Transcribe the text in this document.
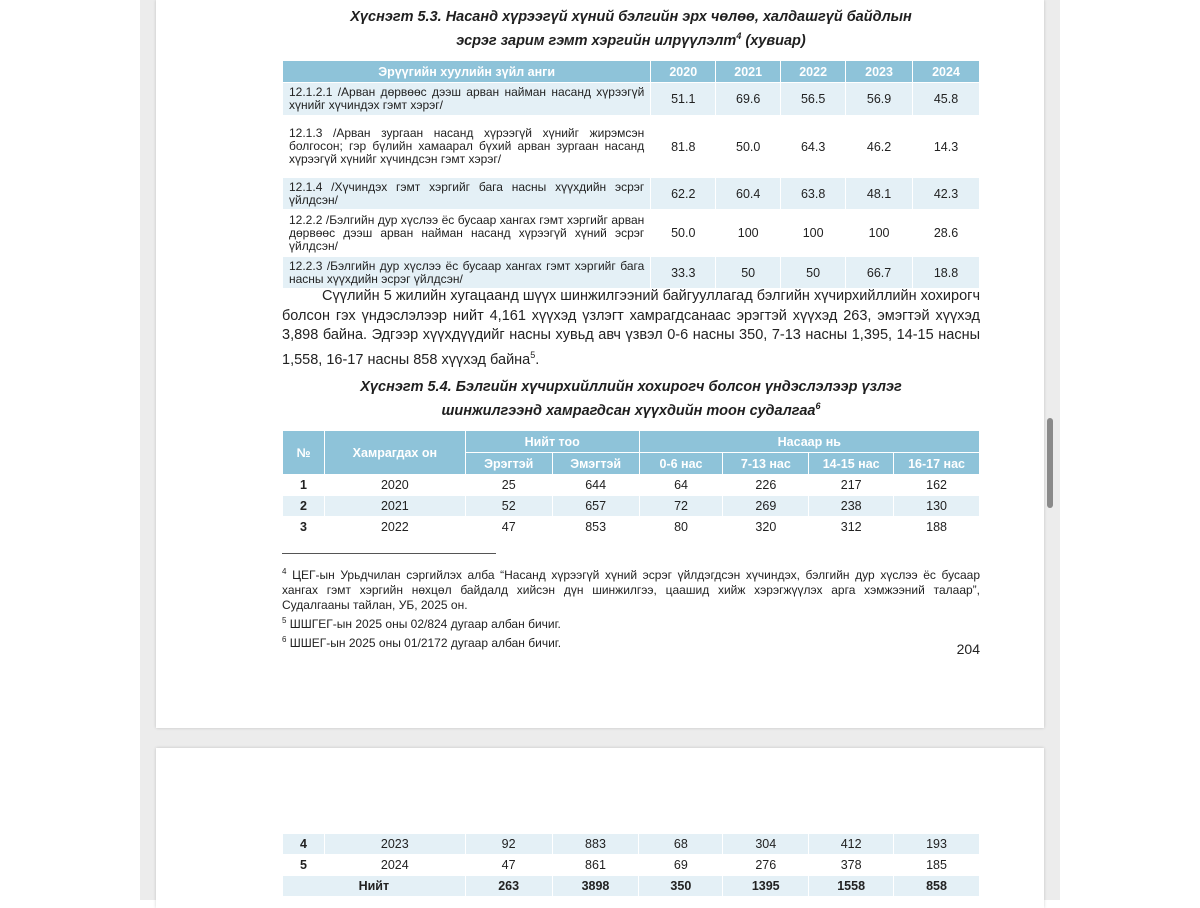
Хүснэгт 5.3. Насанд хүрээгүй хүний бэлгийн эрх чөлөө, халдашгүй байдлын
эсрэг зарим гэмт хэргийн илрүүлэлт$^4$ (хувиар)
Эрүүгийн хуулийн зүйл анги	2020	2021	2022	2023	2024
12.1.2.1 /Арван дөрвөөс дээш арван найман насанд хүрээгүй хүнийг хүчиндэх гэмт хэрэг/	51.1	69.6	56.5	56.9	45.8
12.1.3 /Арван зургаан насанд хүрээгүй хүнийг жирэмсэн болгосон; гэр бүлийн хамаарал бүхий арван зургаан насанд хүрээгүй хүнийг хүчиндсэн гэмт хэрэг/	81.8	50.0	64.3	46.2	14.3
12.1.4 /Хүчиндэх гэмт хэргийг бага насны хүүхдийн эсрэг үйлдсэн/	62.2	60.4	63.8	48.1	42.3
12.2.2 /Бэлгийн дур хүслээ ёс бусаар хангах гэмт хэргийг арван дөрвөөс дээш арван найман насанд хүрээгүй хүний эсрэг үйлдсэн/	50.0	100	100	100	28.6
12.2.3 /Бэлгийн дур хүслээ ёс бусаар хангах гэмт хэргийг бага насны хүүхдийн эсрэг үйлдсэн/	33.3	50	50	66.7	18.8
Сүүлийн 5 жилийн хугацаанд шүүх шинжилгээний байгууллагад бэлгийн хүчирхийллийн хохирогч болсон гэх үндэслэлээр нийт 4,161 хүүхэд үзлэгт хамрагдсанаас эрэгтэй хүүхэд 263, эмэгтэй хүүхэд 3,898 байна. Эдгээр хүүхдүүдийг насны хувьд авч үзвэл 0-6 насны 350, 7-13 насны 1,395, 14-15 насны 1,558, 16-17 насны 858 хүүхэд байна$^5$.
Хүснэгт 5.4. Бэлгийн хүчирхийллийн хохирогч болсон үндэслэлээр үзлэг
шинжилгээнд хамрагдсан хүүхдийн тоон судалгаа$^6$
№	Хамрагдах он	Нийт тоо		Насаар нь			
		Эрэгтэй	Эмэгтэй	0-6 нас	7-13 нас	14-15 нас	16-17 нас
1	2020	25	644	64	226	217	162
2	2021	52	657	72	269	238	130
3	2022	47	853	80	320	312	188

$^4$ ЦЕГ-ын Урьдчилан сэргийлэх алба “Насанд хүрээгүй хүний эсрэг үйлдэгдсэн хүчиндэх, бэлгийн дур хүслээ ёс бусаар хангах гэмт хэргийн нөхцөл байдалд хийсэн дүн шинжилгээ, цаашид хийж хэрэгжүүлэх арга хэмжээний талаар”, Судалгааны тайлан, УБ, 2025 он.

$^5$ ШШГЕГ-ын 2025 оны 02/824 дугаар албан бичиг.

$^6$ ШШЕГ-ын 2025 оны 01/2172 дугаар албан бичиг.	204
4	2023	92	883	68	304	412	193
5	2024	47	861	69	276	378	185
Нийт		263	3898	350	1395	1558	858
